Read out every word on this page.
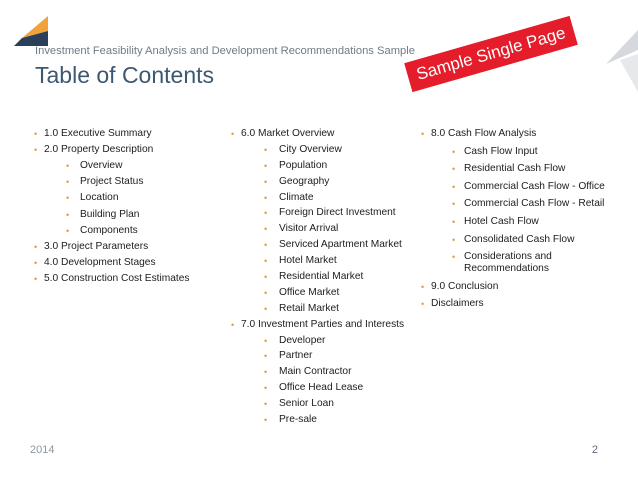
Investment Feasibility Analysis and Development Recommendations Sample
Table of Contents	Sample Single Page
• 1.0 Executive Summary
• 2.0 Property Description
• Overview
• Project Status
• Location
• Building Plan
• Components
• 3.0 Project Parameters
• 4.0 Development Stages
• 5.0 Construction Cost Estimates
• 6.0 Market Overview
• City Overview
• Population
• Geography
• Climate
• Foreign Direct Investment
• Visitor Arrival
• Serviced Apartment Market
• Hotel Market
• Residential Market
• Office Market
• Retail Market
• 7.0 Investment Parties and Interests
• Developer
• Partner
• Main Contractor
• Office Head Lease
• Senior Loan
• Pre-sale
• 8.0 Cash Flow Analysis
• Cash Flow Input
• Residential Cash Flow
• Commercial Cash Flow - Office
• Commercial Cash Flow - Retail
• Hotel Cash Flow
• Consolidated Cash Flow
• Considerations and Recommendations
• 9.0 Conclusion
• Disclaimers
2014	2
